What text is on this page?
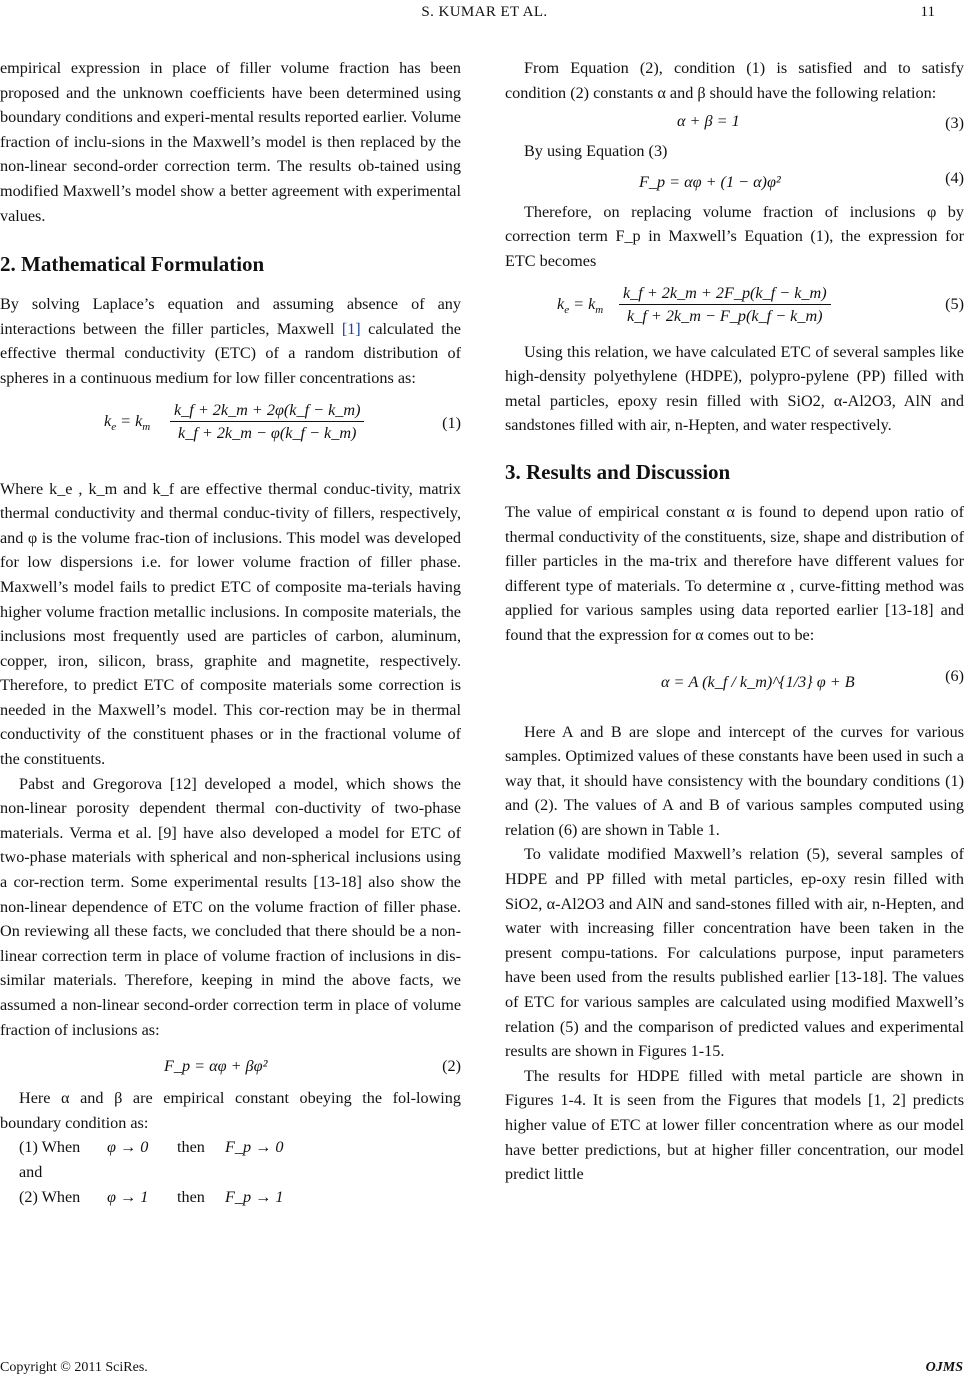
S. KUMAR ET AL.	11

empirical expression in place of filler volume fraction has been proposed and the unknown coefficients have been determined using boundary conditions and experi-mental results reported earlier. Volume fraction of inclu-sions in the Maxwell’s model is then replaced by the non-linear second-order correction term. The results ob-tained using modified Maxwell’s model show a better agreement with experimental values.

2. Mathematical Formulation

By solving Laplace’s equation and assuming absence of any interactions between the filler particles, Maxwell [1] calculated the effective thermal conductivity (ETC) of a random distribution of spheres in a continuous medium for low filler concentrations as:

$k_e = k_m \frac{k\_f + 2k\_m + 2\varphi(k\_f - k\_m)}{k\_f + 2k\_m - \varphi(k\_f - k\_m)}$	(1)

Where k_e , k_m and k_f are effective thermal conduc-tivity, matrix thermal conductivity and thermal conduc-tivity of fillers, respectively, and φ is the volume frac-tion of inclusions. This model was developed for low dispersions i.e. for lower volume fraction of filler phase. Maxwell’s model fails to predict ETC of composite ma-terials having higher volume fraction metallic inclusions. In composite materials, the inclusions most frequently used are particles of carbon, aluminum, copper, iron, silicon, brass, graphite and magnetite, respectively. Therefore, to predict ETC of composite materials some correction is needed in the Maxwell’s model. This cor-rection may be in thermal conductivity of the constituent phases or in the fractional volume of the constituents.

Pabst and Gregorova [12] developed a model, which shows the non-linear porosity dependent thermal con-ductivity of two-phase materials. Verma et al. [9] have also developed a model for ETC of two-phase materials with spherical and non-spherical inclusions using a cor-rection term. Some experimental results [13-18] also show the non-linear dependence of ETC on the volume fraction of filler phase. On reviewing all these facts, we concluded that there should be a non-linear correction term in place of volume fraction of inclusions in dis-similar materials. Therefore, keeping in mind the above facts, we assumed a non-linear second-order correction term in place of volume fraction of inclusions as:

F_p = αφ + βφ²	(2)

Here α and β are empirical constant obeying the fol-lowing boundary condition as:

(1) When	φ → 0	then	F_p → 0
and
(2) When	φ → 1	then	F_p → 1

From Equation (2), condition (1) is satisfied and to satisfy condition (2) constants α and β should have the following relation:

α + β = 1	(3)

By using Equation (3)

F_p = αφ + (1 − α)φ²	(4)

Therefore, on replacing volume fraction of inclusions φ by correction term F_p in Maxwell’s Equation (1), the expression for ETC becomes

$k_e = k_m \frac{k\_f + 2k\_m + 2F\_p(k\_f - k\_m)}{k\_f + 2k\_m - F\_p(k\_f - k\_m)}$	(5)

Using this relation, we have calculated ETC of several samples like high-density polyethylene (HDPE), polypro-pylene (PP) filled with metal particles, epoxy resin filled with SiO2, α-Al2O3, AlN and sandstones filled with air, n-Hepten, and water respectively.

3. Results and Discussion

The value of empirical constant α is found to depend upon ratio of thermal conductivity of the constituents, size, shape and distribution of filler particles in the ma-trix and therefore have different values for different type of materials. To determine α , curve-fitting method was applied for various samples using data reported earlier [13-18] and found that the expression for α comes out to be:

α = A (k_f / k_m)^{1/3} φ + B	(6)

Here A and B are slope and intercept of the curves for various samples. Optimized values of these constants have been used in such a way that, it should have consistency with the boundary conditions (1) and (2). The values of A and B of various samples computed using relation (6) are shown in Table 1.

To validate modified Maxwell’s relation (5), several samples of HDPE and PP filled with metal particles, ep-oxy resin filled with SiO2, α-Al2O3 and AlN and sand-stones filled with air, n-Hepten, and water with increasing filler concentration have been taken in the present compu-tations. For calculations purpose, input parameters have been used from the results published earlier [13-18]. The values of ETC for various samples are calculated using modified Maxwell’s relation (5) and the comparison of predicted values and experimental results are shown in Figures 1-15.

The results for HDPE filled with metal particle are shown in Figures 1-4. It is seen from the Figures that models [1, 2] predicts higher value of ETC at lower filler concentration where as our model have better predictions, but at higher filler concentration, our model predict little

Copyright © 2011 SciRes.	OJMS
